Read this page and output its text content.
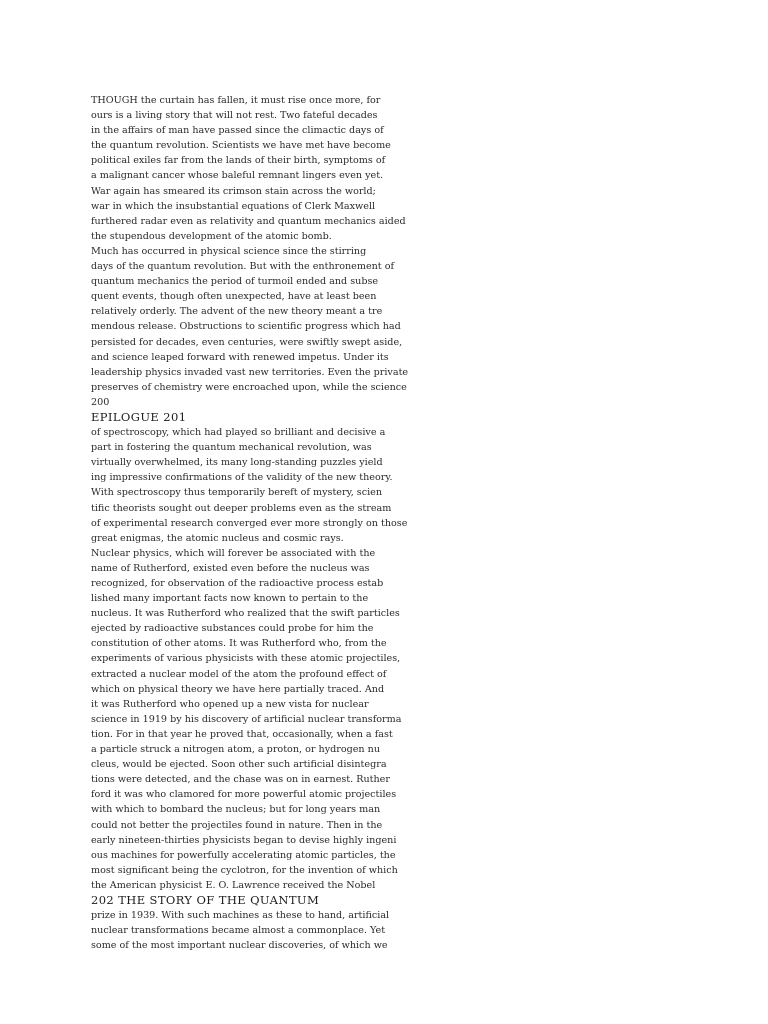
THOUGH the curtain has fallen, it must rise once more, for
ours is a living story that will not rest. Two fateful decades
in the affairs of man have passed since the climactic days of
the quantum revolution. Scientists we have met have become
political exiles far from the lands of their birth, symptoms of
a malignant cancer whose baleful remnant lingers even yet.
War again has smeared its crimson stain across the world;
war in which the insubstantial equations of Clerk Maxwell
furthered radar even as relativity and quantum mechanics aided
the stupendous development of the atomic bomb.
Much has occurred in physical science since the stirring
days of the quantum revolution. But with the enthronement of
quantum mechanics the period of turmoil ended and subse
quent events, though often unexpected, have at least been
relatively orderly. The advent of the new theory meant a tre
mendous release. Obstructions to scientific progress which had
persisted for decades, even centuries, were swiftly swept aside,
and science leaped forward with renewed impetus. Under its
leadership physics invaded vast new territories. Even the private
preserves of chemistry were encroached upon, while the science
200
EPILOGUE 201
of spectroscopy, which had played so brilliant and decisive a
part in fostering the quantum mechanical revolution, was
virtually overwhelmed, its many long-standing puzzles yield
ing impressive confirmations of the validity of the new theory.
With spectroscopy thus temporarily bereft of mystery, scien
tific theorists sought out deeper problems even as the stream
of experimental research converged ever more strongly on those
great enigmas, the atomic nucleus and cosmic rays.
Nuclear physics, which will forever be associated with the
name of Rutherford, existed even before the nucleus was
recognized, for observation of the radioactive process estab
lished many important facts now known to pertain to the
nucleus. It was Rutherford who realized that the swift particles
ejected by radioactive substances could probe for him the
constitution of other atoms. It was Rutherford who, from the
experiments of various physicists with these atomic projectiles,
extracted a nuclear model of the atom the profound effect of
which on physical theory we have here partially traced. And
it was Rutherford who opened up a new vista for nuclear
science in 1919 by his discovery of artificial nuclear transforma
tion. For in that year he proved that, occasionally, when a fast
a particle struck a nitrogen atom, a proton, or hydrogen nu
cleus, would be ejected. Soon other such artificial disintegra
tions were detected, and the chase was on in earnest. Ruther
ford it was who clamored for more powerful atomic projectiles
with which to bombard the nucleus; but for long years man
could not better the projectiles found in nature. Then in the
early nineteen-thirties physicists began to devise highly ingeni
ous machines for powerfully accelerating atomic particles, the
most significant being the cyclotron, for the invention of which
the American physicist E. O. Lawrence received the Nobel
202 THE STORY OF THE QUANTUM
prize in 1939. With such machines as these to hand, artificial
nuclear transformations became almost a commonplace. Yet
some of the most important nuclear discoveries, of which we
